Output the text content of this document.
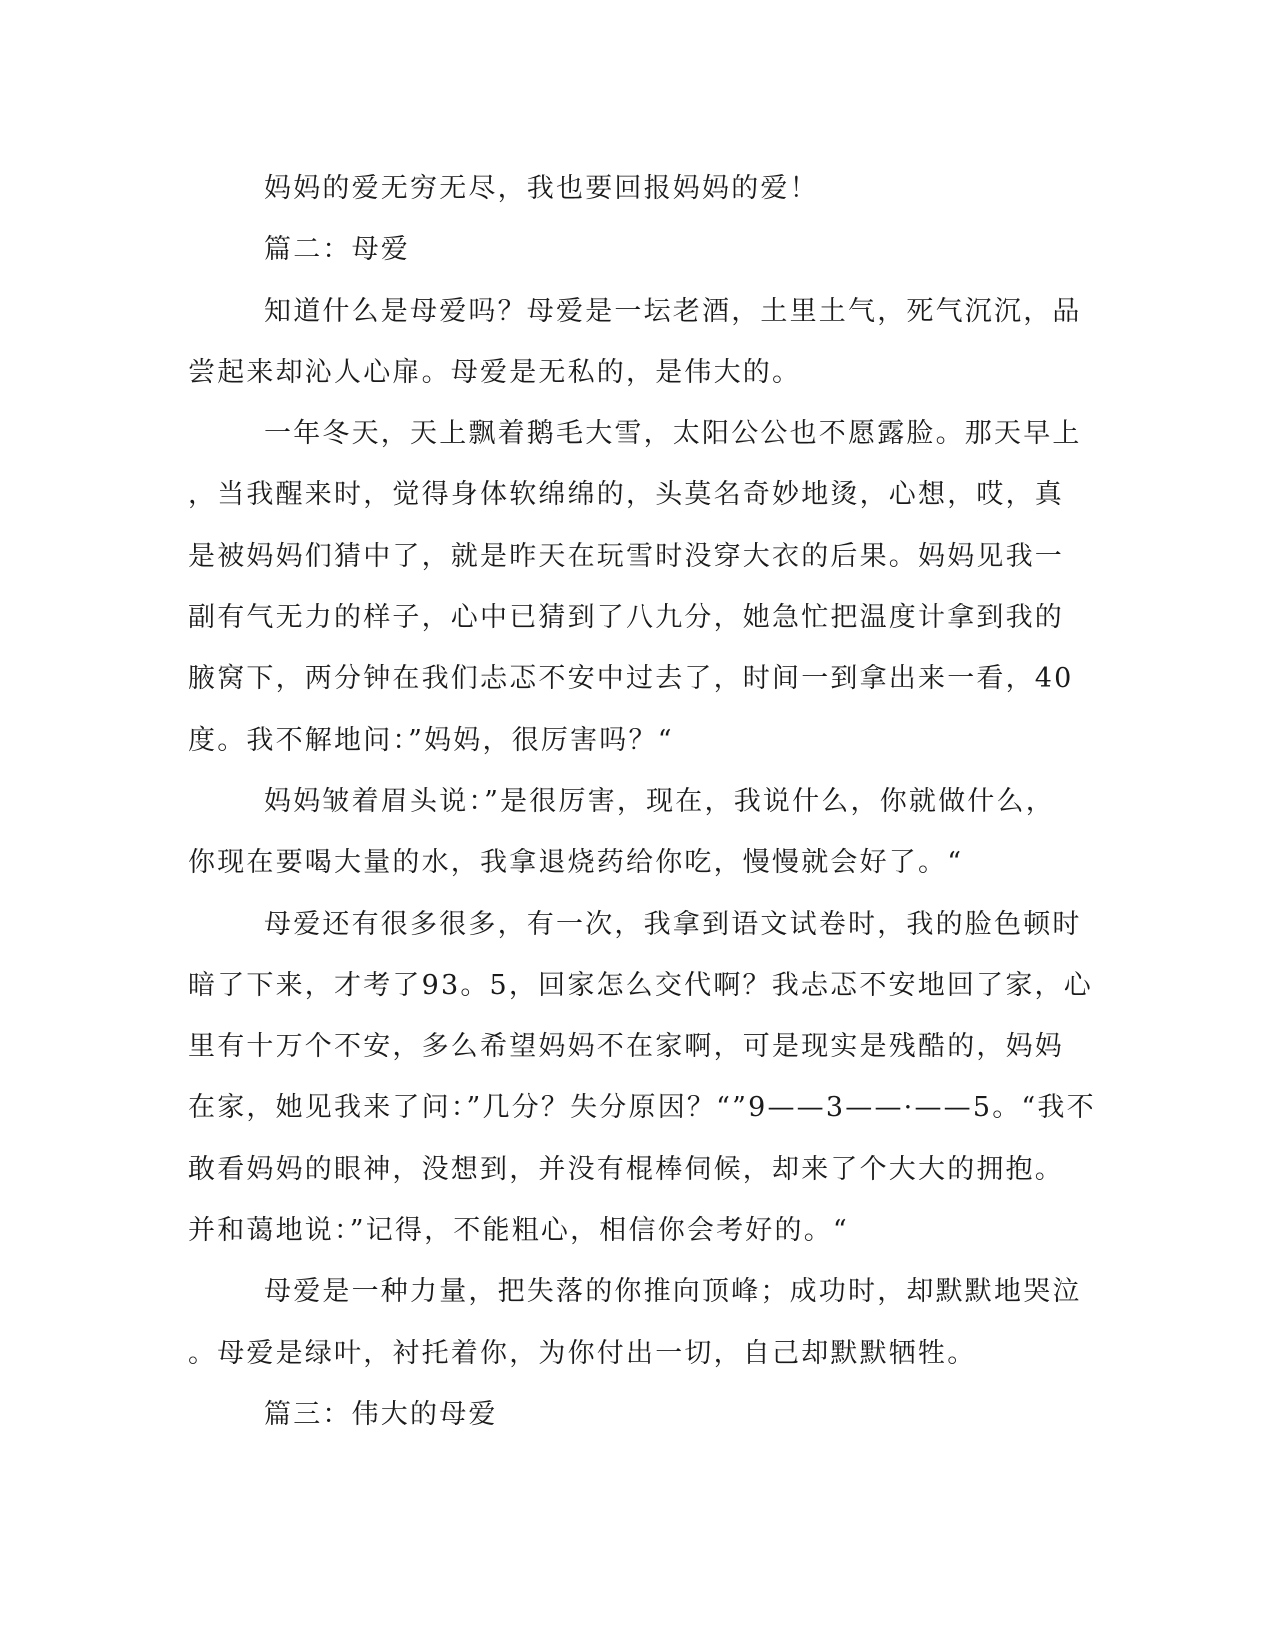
妈妈的爱无穷无尽，我也要回报妈妈的爱！
篇二：母爱
知道什么是母爱吗？母爱是一坛老酒，土里土气，死气沉沉，品
尝起来却沁人心扉。母爱是无私的，是伟大的。
一年冬天，天上飘着鹅毛大雪，太阳公公也不愿露脸。那天早上
，当我醒来时，觉得身体软绵绵的，头莫名奇妙地烫，心想，哎，真
是被妈妈们猜中了，就是昨天在玩雪时没穿大衣的后果。妈妈见我一
副有气无力的样子，心中已猜到了八九分，她急忙把温度计拿到我的
腋窝下，两分钟在我们忐忑不安中过去了，时间一到拿出来一看，40
度。我不解地问：”妈妈，很厉害吗？“
妈妈皱着眉头说：”是很厉害，现在，我说什么，你就做什么，
你现在要喝大量的水，我拿退烧药给你吃，慢慢就会好了。“
母爱还有很多很多，有一次，我拿到语文试卷时，我的脸色顿时
暗了下来，才考了93。5，回家怎么交代啊？我忐忑不安地回了家，心
里有十万个不安，多么希望妈妈不在家啊，可是现实是残酷的，妈妈
在家，她见我来了问：”几分？失分原因？“”9——3——·——5。“我不
敢看妈妈的眼神，没想到，并没有棍棒伺候，却来了个大大的拥抱。
并和蔼地说：”记得，不能粗心，相信你会考好的。“
母爱是一种力量，把失落的你推向顶峰；成功时，却默默地哭泣
。母爱是绿叶，衬托着你，为你付出一切，自己却默默牺牲。
篇三：伟大的母爱
